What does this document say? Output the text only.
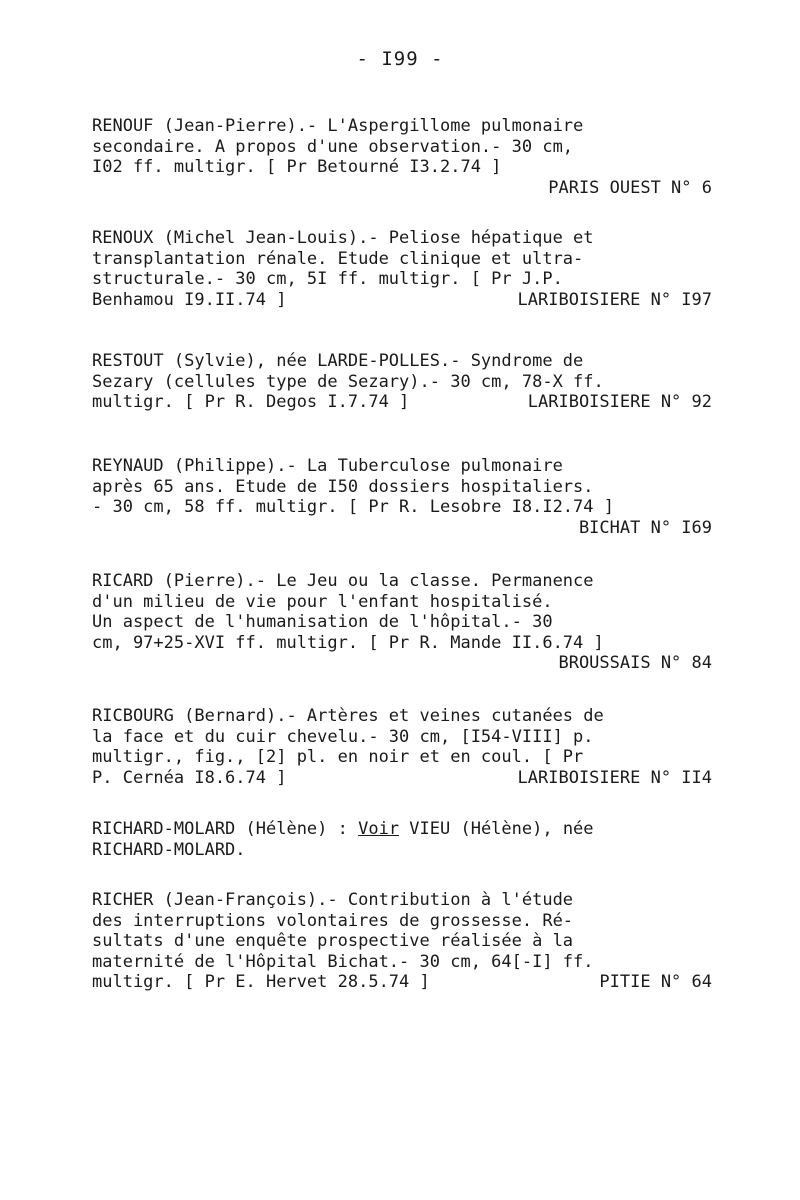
- I99 -
RENOUF (Jean-Pierre).- L'Aspergillome pulmonaire
secondaire. A propos d'une observation.- 30 cm,
I02 ff. multigr. [ Pr Betourné I3.2.74 ]
PARIS OUEST N° 6
RENOUX (Michel Jean-Louis).- Peliose hépatique et
transplantation rénale. Etude clinique et ultra-
structurale.- 30 cm, 5I ff. multigr. [ Pr J.P.
Benhamou I9.II.74 ]	LARIBOISIERE N° I97
RESTOUT (Sylvie), née LARDE-POLLES.- Syndrome de
Sezary (cellules type de Sezary).- 30 cm, 78-X ff.
multigr. [ Pr R. Degos I.7.74 ]	LARIBOISIERE N° 92
REYNAUD (Philippe).- La Tuberculose pulmonaire
après 65 ans. Etude de I50 dossiers hospitaliers.
- 30 cm, 58 ff. multigr. [ Pr R. Lesobre I8.I2.74 ]
BICHAT N° I69
RICARD (Pierre).- Le Jeu ou la classe. Permanence
d'un milieu de vie pour l'enfant hospitalisé.
Un aspect de l'humanisation de l'hôpital.- 30
cm, 97+25-XVI ff. multigr. [ Pr R. Mande II.6.74 ]
BROUSSAIS N° 84
RICBOURG (Bernard).- Artères et veines cutanées de
la face et du cuir chevelu.- 30 cm, [I54-VIII] p.
multigr., fig., [2] pl. en noir et en coul. [ Pr
P. Cernéa I8.6.74 ]	LARIBOISIERE N° II4
RICHARD-MOLARD (Hélène) : Voir VIEU (Hélène), née
RICHARD-MOLARD.
RICHER (Jean-François).- Contribution à l'étude
des interruptions volontaires de grossesse. Ré-
sultats d'une enquête prospective réalisée à la
maternité de l'Hôpital Bichat.- 30 cm, 64[-I] ff.
multigr. [ Pr E. Hervet 28.5.74 ]	PITIE N° 64
